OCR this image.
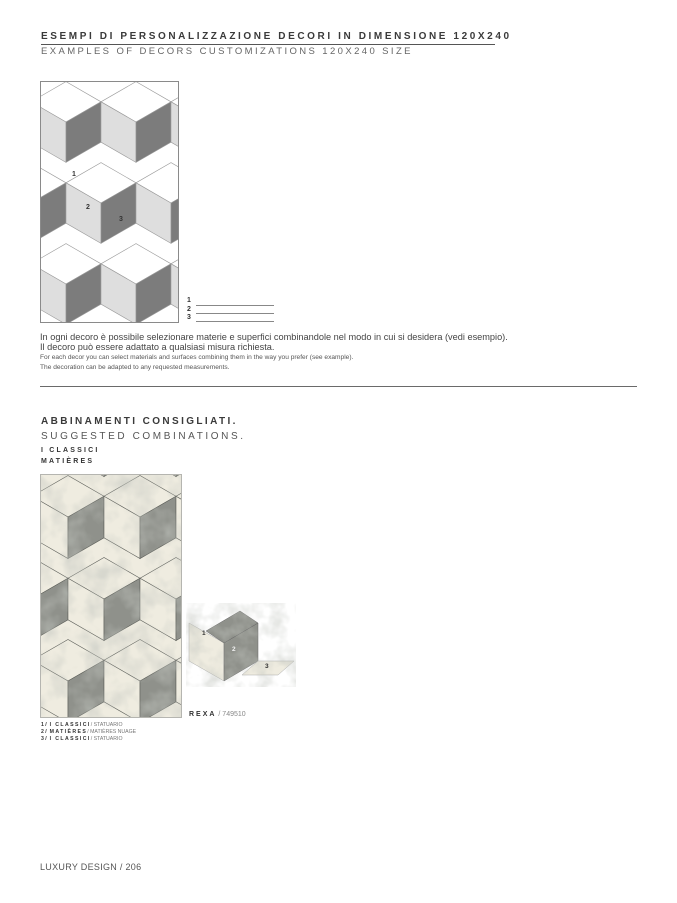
ESEMPI DI PERSONALIZZAZIONE DECORI IN DIMENSIONE 120X240
EXAMPLES OF DECORS CUSTOMIZATIONS 120X240 SIZE
1
2
3
1
2
3
In ogni decoro è possibile selezionare materie e superfici combinandole nel modo in cui si desidera (vedi esempio).
Il decoro può essere adattato a qualsiasi misura richiesta.
For each decor you can select materials and surfaces combining them in the way you prefer (see example).
The decoration can be adapted to any requested measurements.
ABBINAMENTI CONSIGLIATI.
SUGGESTED COMBINATIONS.
I CLASSICI
MATIÈRES
1
2
3
1/ I CLASSICI/ STATUARIO
2/ MATIÈRES/ MATIÈRES NUAGE
3/ I CLASSICI/ STATUARIO
REXA / 749510
LUXURY DESIGN / 206
